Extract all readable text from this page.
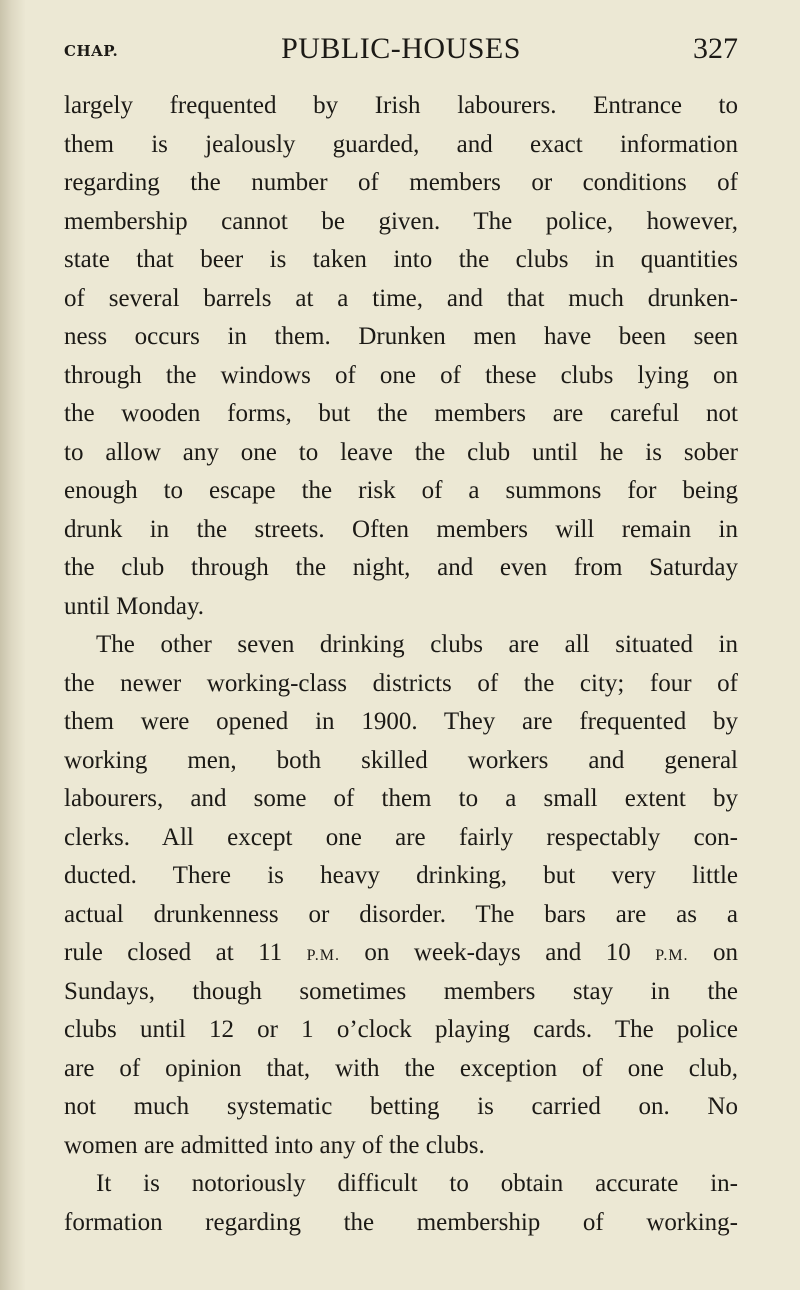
CHAP.	PUBLIC-HOUSES	327
largely frequented by Irish labourers. Entrance to
them is jealously guarded, and exact information
regarding the number of members or conditions of
membership cannot be given. The police, however,
state that beer is taken into the clubs in quantities
of several barrels at a time, and that much drunken-
ness occurs in them. Drunken men have been seen
through the windows of one of these clubs lying on
the wooden forms, but the members are careful not
to allow any one to leave the club until he is sober
enough to escape the risk of a summons for being
drunk in the streets. Often members will remain in
the club through the night, and even from Saturday
until Monday.
The other seven drinking clubs are all situated in
the newer working-class districts of the city; four of
them were opened in 1900. They are frequented by
working men, both skilled workers and general
labourers, and some of them to a small extent by
clerks. All except one are fairly respectably con-
ducted. There is heavy drinking, but very little
actual drunkenness or disorder. The bars are as a
rule closed at 11 P.M. on week-days and 10 P.M. on
Sundays, though sometimes members stay in the
clubs until 12 or 1 o’clock playing cards. The police
are of opinion that, with the exception of one club,
not much systematic betting is carried on. No
women are admitted into any of the clubs.
It is notoriously difficult to obtain accurate in-
formation regarding the membership of working-
